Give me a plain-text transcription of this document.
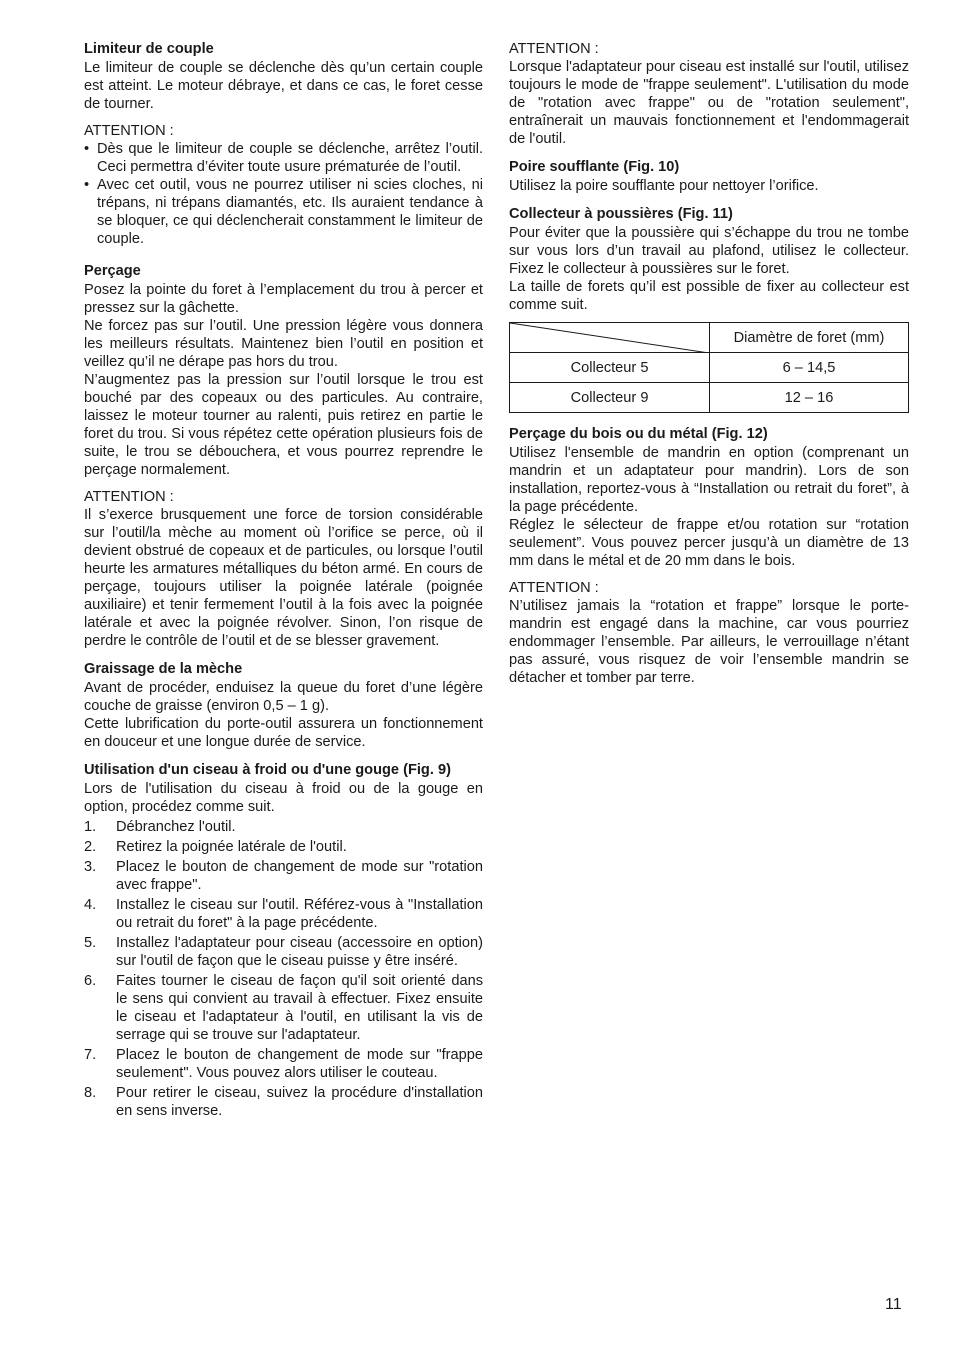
Limiteur de couple

Le limiteur de couple se déclenche dès qu’un certain couple est atteint. Le moteur débraye, et dans ce cas, le foret cesse de tourner.

ATTENTION :

• Dès que le limiteur de couple se déclenche, arrêtez l’outil. Ceci permettra d’éviter toute usure prématurée de l’outil.
• Avec cet outil, vous ne pourrez utiliser ni scies cloches, ni trépans, ni trépans diamantés, etc. Ils auraient tendance à se bloquer, ce qui déclencherait constamment le limiteur de couple.
Perçage

Posez la pointe du foret à l’emplacement du trou à percer et pressez sur la gâchette.

Ne forcez pas sur l’outil. Une pression légère vous donnera les meilleurs résultats. Maintenez bien l’outil en position et veillez qu’il ne dérape pas hors du trou.

N’augmentez pas la pression sur l’outil lorsque le trou est bouché par des copeaux ou des particules. Au contraire, laissez le moteur tourner au ralenti, puis retirez en partie le foret du trou. Si vous répétez cette opération plusieurs fois de suite, le trou se débouchera, et vous pourrez reprendre le perçage normalement.

ATTENTION :

Il s’exerce brusquement une force de torsion considérable sur l’outil/la mèche au moment où l’orifice se perce, où il devient obstrué de copeaux et de particules, ou lorsque l’outil heurte les armatures métalliques du béton armé. En cours de perçage, toujours utiliser la poignée latérale (poignée auxiliaire) et tenir fermement l’outil à la fois avec la poignée latérale et avec la poignée révolver. Sinon, l’on risque de perdre le contrôle de l’outil et de se blesser gravement.

Graissage de la mèche

Avant de procéder, enduisez la queue du foret d’une légère couche de graisse (environ 0,5 – 1 g).

Cette lubrification du porte-outil assurera un fonctionnement en douceur et une longue durée de service.

Utilisation d'un ciseau à froid ou d'une gouge (Fig. 9)

Lors de l'utilisation du ciseau à froid ou de la gouge en option, procédez comme suit.

1.	Débranchez l'outil.
2.	Retirez la poignée latérale de l'outil.
3.	Placez le bouton de changement de mode sur "rotation avec frappe".
4.	Installez le ciseau sur l'outil. Référez-vous à "Installation ou retrait du foret" à la page précédente.
5.	Installez l'adaptateur pour ciseau (accessoire en option) sur l'outil de façon que le ciseau puisse y être inséré.
6.	Faites tourner le ciseau de façon qu'il soit orienté dans le sens qui convient au travail à effectuer. Fixez ensuite le ciseau et l'adaptateur à l'outil, en utilisant la vis de serrage qui se trouve sur l'adaptateur.
7.	Placez le bouton de changement de mode sur "frappe seulement". Vous pouvez alors utiliser le couteau.
8.	Pour retirer le ciseau, suivez la procédure d'installation en sens inverse.

ATTENTION :

Lorsque l'adaptateur pour ciseau est installé sur l'outil, utilisez toujours le mode de "frappe seulement". L'utilisation du mode de "rotation avec frappe" ou de "rotation seulement", entraînerait un mauvais fonctionnement et l'endommagerait de l'outil.

Poire soufflante (Fig. 10)

Utilisez la poire soufflante pour nettoyer l’orifice.

Collecteur à poussières (Fig. 11)

Pour éviter que la poussière qui s’échappe du trou ne tombe sur vous lors d’un travail au plafond, utilisez le collecteur. Fixez le collecteur à poussières sur le foret.

La taille de forets qu’il est possible de fixer au collecteur est comme suit.

	Diamètre de foret (mm)
Collecteur 5	6 – 14,5
Collecteur 9	12 – 16
Perçage du bois ou du métal (Fig. 12)

Utilisez l'ensemble de mandrin en option (comprenant un mandrin et un adaptateur pour mandrin). Lors de son installation, reportez-vous à “Installation ou retrait du foret”, à la page précédente.

Réglez le sélecteur de frappe et/ou rotation sur “rotation seulement”. Vous pouvez percer jusqu’à un diamètre de 13 mm dans le métal et de 20 mm dans le bois.

ATTENTION :

N’utilisez jamais la “rotation et frappe” lorsque le porte-mandrin est engagé dans la machine, car vous pourriez endommager l’ensemble. Par ailleurs, le verrouillage n’étant pas assuré, vous risquez de voir l’ensemble mandrin se détacher et tomber par terre.

11
